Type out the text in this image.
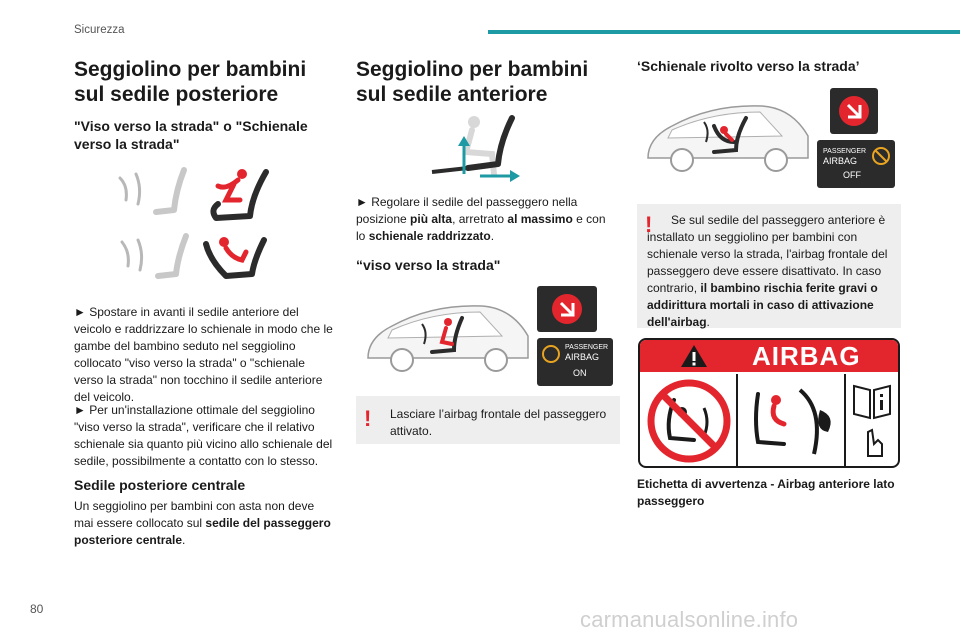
Sicurezza
Seggiolino per bambini sul sedile posteriore
"Viso verso la strada" o "Schienale verso la strada"

► Spostare in avanti il sedile anteriore del veicolo e raddrizzare lo schienale in modo che le gambe del bambino seduto nel seggiolino collocato "viso verso la strada" o "schienale verso la strada" non tocchino il sedile anteriore del veicolo.

► Per un'installazione ottimale del seggiolino "viso verso la strada", verificare che il relativo schienale sia quanto più vicino allo schienale del sedile, possibilmente a contatto con lo stesso.

Sedile posteriore centrale

Un seggiolino per bambini con asta non deve mai essere collocato sul sedile del passeggero posteriore centrale.

Seggiolino per bambini sul sedile anteriore

► Regolare il sedile del passeggero nella posizione più alta, arretrato al massimo e con lo schienale raddrizzato.

“viso verso la strada"
PASSENGER
AIRBAG
ON
! Lasciare l’airbag frontale del passeggero attivato.
‘Schienale rivolto verso la strada’
PASSENGER
AIRBAG
OFF
!	Se sul sedile del passeggero anteriore è installato un seggiolino per bambini con schienale verso la strada, l'airbag frontale del passeggero deve essere disattivato. In caso contrario, il bambino rischia ferite gravi o addirittura mortali in caso di attivazione dell'airbag.
AIRBAG
Etichetta di avvertenza - Airbag anteriore lato passeggero
80	carmanualsonline.info
